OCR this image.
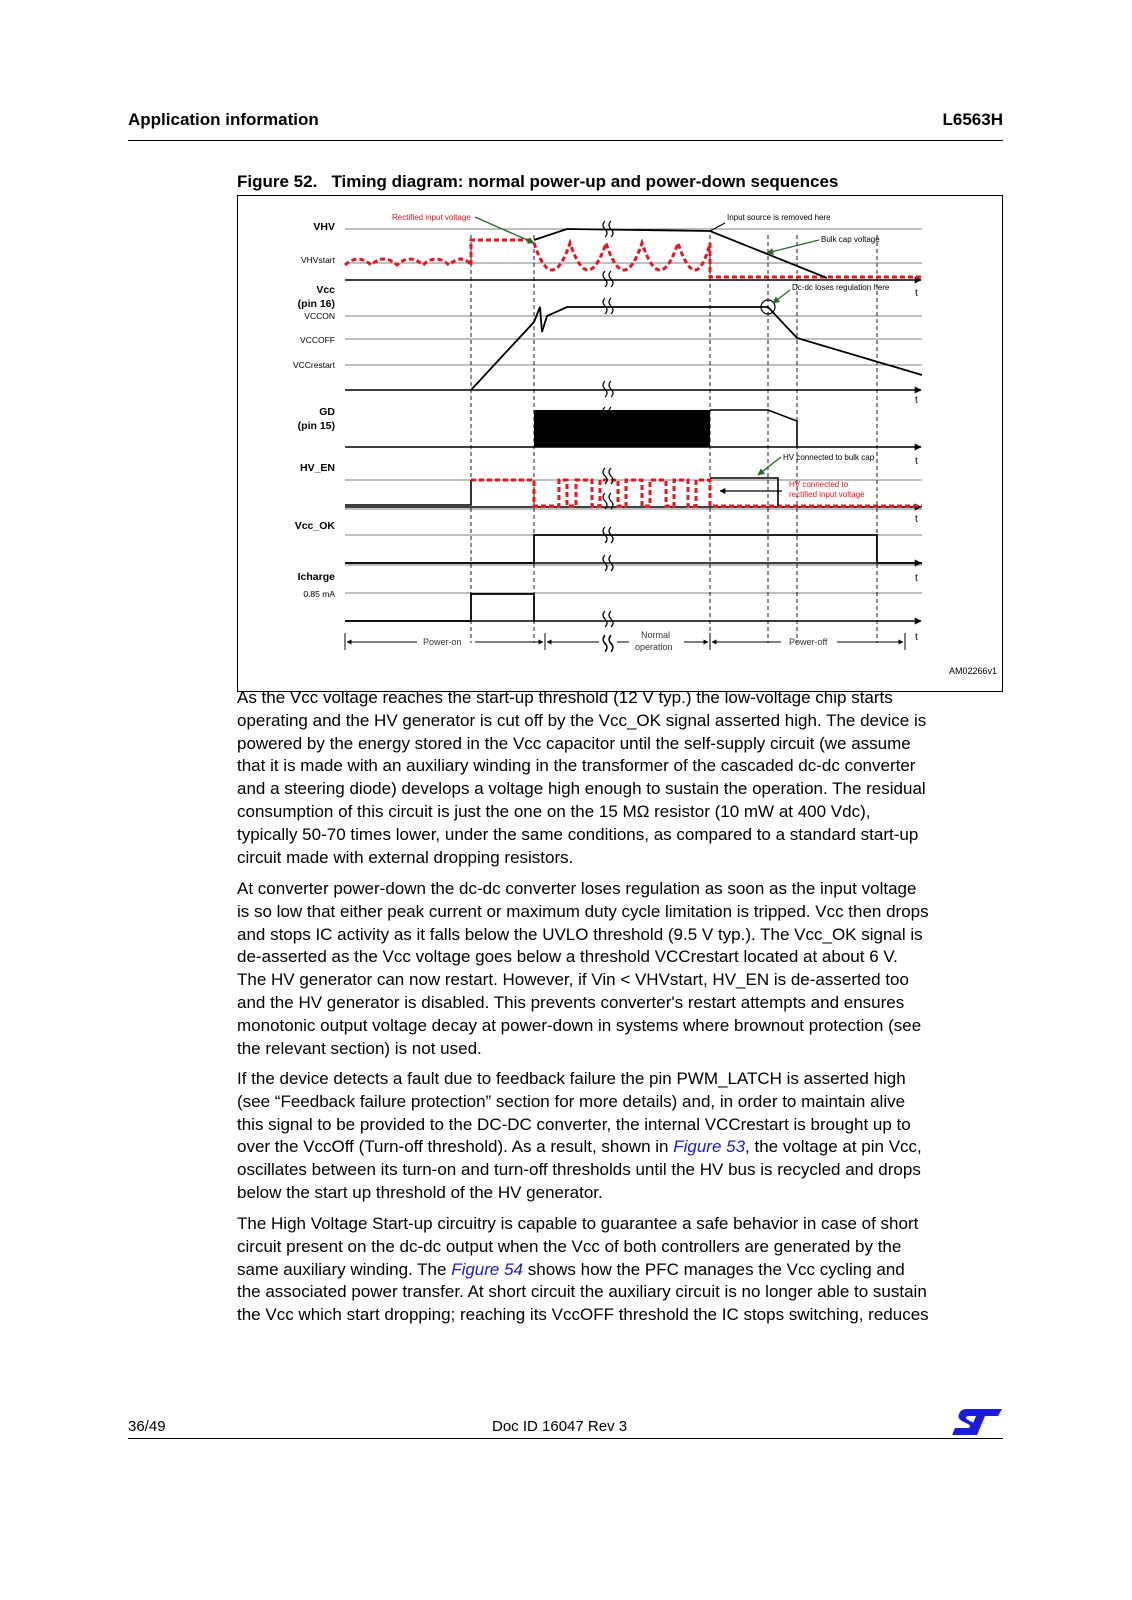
Application information	L6563H
Figure 52.   Timing diagram: normal power-up and power-down sequences
t
t
t
t
t
t
VHV
Vcc
(pin 16)
GD
(pin 15)
HV_EN
Vcc_OK
Icharge
VHVstart
VCCON
VCCOFF
VCCrestart
0.85 mA
Rectified input voltage	Input source is removed here
Bulk cap voltage
Dc-dc loses regulation here
HV connected to bulk cap
HV connected to
rectified input voltage
Power-on
Normal
operation	Power-off
AM02266v1

As the Vcc voltage reaches the start-up threshold (12 V typ.) the low-voltage chip starts
operating and the HV generator is cut off by the Vcc_OK signal asserted high. The device is
powered by the energy stored in the Vcc capacitor until the self-supply circuit (we assume
that it is made with an auxiliary winding in the transformer of the cascaded dc-dc converter
and a steering diode) develops a voltage high enough to sustain the operation. The residual
consumption of this circuit is just the one on the 15 MΩ resistor (10 mW at 400 Vdc),
typically 50-70 times lower, under the same conditions, as compared to a standard start-up
circuit made with external dropping resistors.

At converter power-down the dc-dc converter loses regulation as soon as the input voltage
is so low that either peak current or maximum duty cycle limitation is tripped. Vcc then drops
and stops IC activity as it falls below the UVLO threshold (9.5 V typ.). The Vcc_OK signal is
de-asserted as the Vcc voltage goes below a threshold VCCrestart located at about 6 V.
The HV generator can now restart. However, if Vin < VHVstart, HV_EN is de-asserted too
and the HV generator is disabled. This prevents converter's restart attempts and ensures
monotonic output voltage decay at power-down in systems where brownout protection (see
the relevant section) is not used.

If the device detects a fault due to feedback failure the pin PWM_LATCH is asserted high
(see “Feedback failure protection” section for more details) and, in order to maintain alive
this signal to be provided to the DC-DC converter, the internal VCCrestart is brought up to
over the VccOff (Turn-off threshold). As a result, shown in Figure 53, the voltage at pin Vcc,
oscillates between its turn-on and turn-off thresholds until the HV bus is recycled and drops
below the start up threshold of the HV generator.

The High Voltage Start-up circuitry is capable to guarantee a safe behavior in case of short
circuit present on the dc-dc output when the Vcc of both controllers are generated by the
same auxiliary winding. The Figure 54 shows how the PFC manages the Vcc cycling and
the associated power transfer. At short circuit the auxiliary circuit is no longer able to sustain
the Vcc which start dropping; reaching its VccOFF threshold the IC stops switching, reduces

36/49	Doc ID 16047 Rev 3
